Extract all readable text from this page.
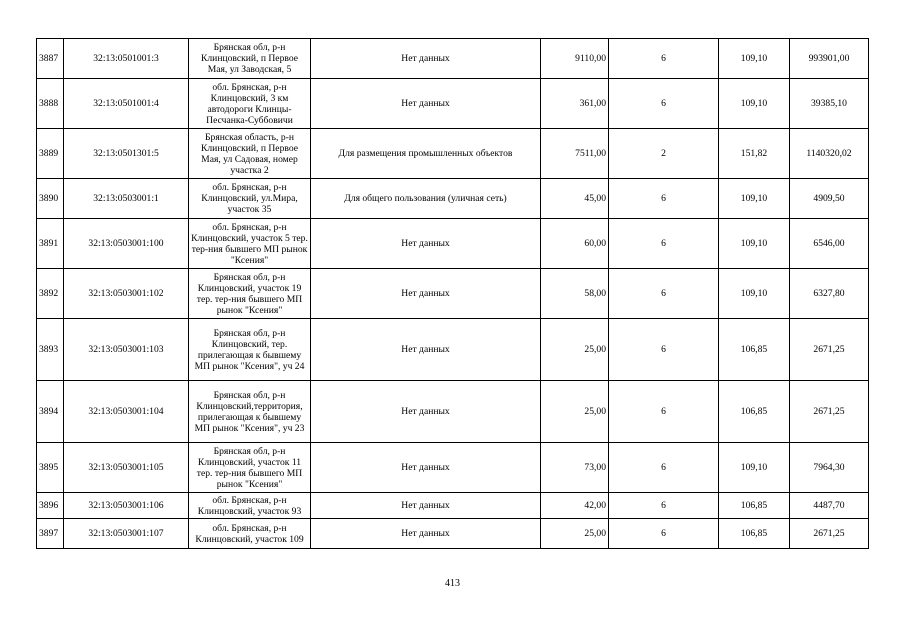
3887	32:13:0501001:3	Брянская обл, р-н Клинцовский, п Первое Мая, ул Заводская, 5	Нет данных	9110,00	6	109,10	993901,00
3888	32:13:0501001:4	обл. Брянская, р-н Клинцовский, 3 км автодороги Клинцы-Песчанка-Суббовичи	Нет данных	361,00	6	109,10	39385,10
3889	32:13:0501301:5	Брянская область, р-н Клинцовский, п Первое Мая, ул Садовая, номер участка 2	Для размещения промышленных объектов	7511,00	2	151,82	1140320,02
3890	32:13:0503001:1	обл. Брянская, р-н Клинцовский, ул.Мира, участок 35	Для общего пользования (уличная сеть)	45,00	6	109,10	4909,50
3891	32:13:0503001:100	обл. Брянская, р-н Клинцовский, участок 5 тер. тер-ния бывшего МП рынок "Ксения"	Нет данных	60,00	6	109,10	6546,00
3892	32:13:0503001:102	Брянская обл, р-н Клинцовский, участок 19 тер. тер-ния бывшего МП рынок "Ксения"	Нет данных	58,00	6	109,10	6327,80
3893	32:13:0503001:103	Брянская обл, р-н Клинцовский, тер. прилегающая к бывшему МП рынок "Ксения", уч 24	Нет данных	25,00	6	106,85	2671,25
3894	32:13:0503001:104	Брянская обл, р-н Клинцовский,территория, прилегающая к бывшему МП рынок "Ксения", уч 23	Нет данных	25,00	6	106,85	2671,25
3895	32:13:0503001:105	Брянская обл, р-н Клинцовский, участок 11 тер. тер-ния бывшего МП рынок "Ксения"	Нет данных	73,00	6	109,10	7964,30
3896	32:13:0503001:106	обл. Брянская, р-н Клинцовский, участок 93	Нет данных	42,00	6	106,85	4487,70
3897	32:13:0503001:107	обл. Брянская, р-н Клинцовский, участок 109	Нет данных	25,00	6	106,85	2671,25
413
